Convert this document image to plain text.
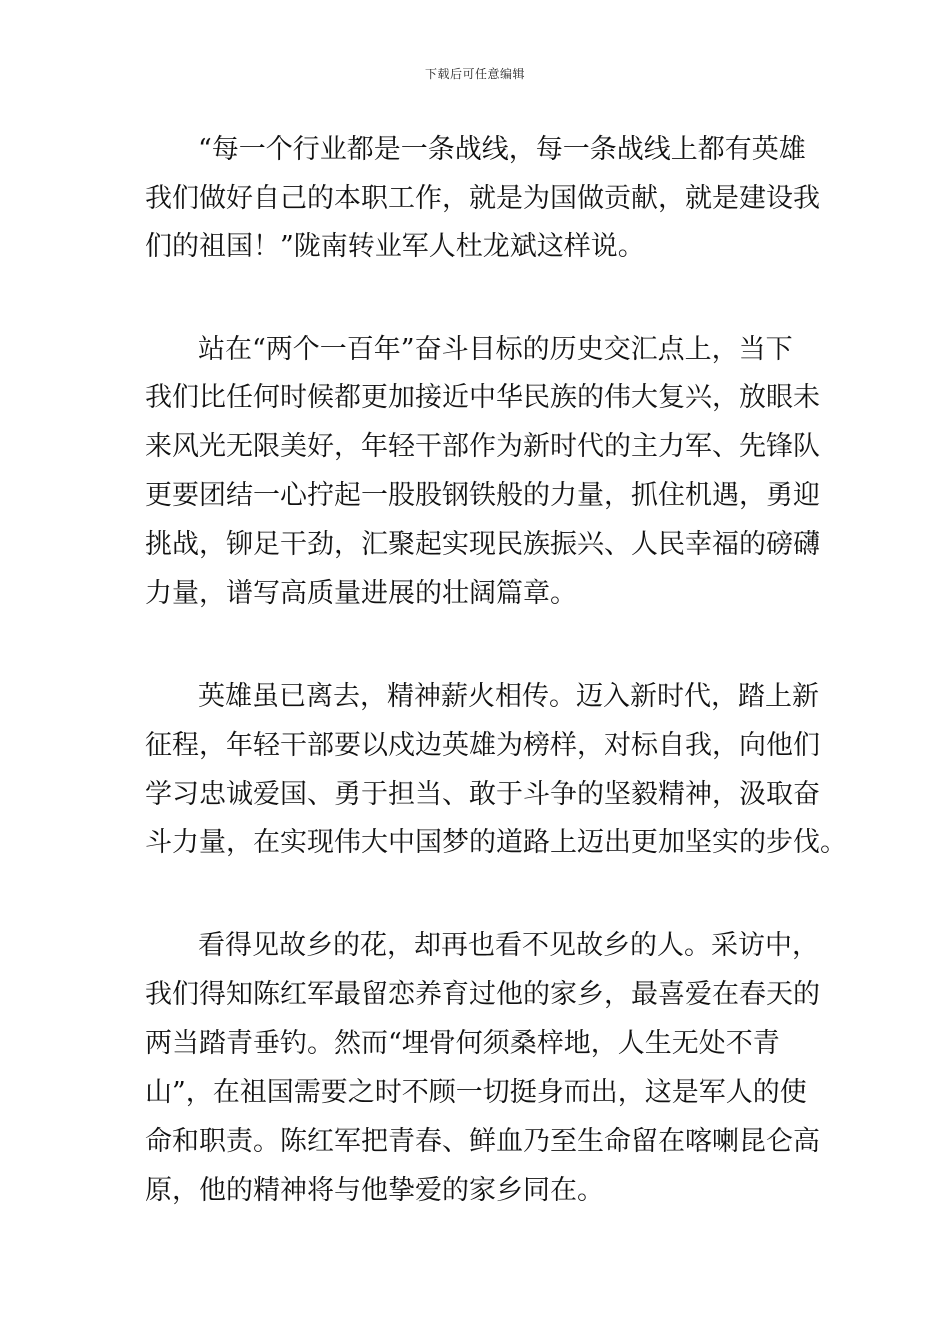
下载后可任意编辑

“每一个行业都是一条战线，每一条战线上都有英雄

我们做好自己的本职工作，就是为国做贡献，就是建设我

们的祖国！”陇南转业军人杜龙斌这样说。

站在“两个一百年”奋斗目标的历史交汇点上，当下

我们比任何时候都更加接近中华民族的伟大复兴，放眼未

来风光无限美好，年轻干部作为新时代的主力军、先锋队

更要团结一心拧起一股股钢铁般的力量，抓住机遇，勇迎

挑战，铆足干劲，汇聚起实现民族振兴、人民幸福的磅礴

力量，谱写高质量进展的壮阔篇章。

英雄虽已离去，精神薪火相传。迈入新时代，踏上新

征程，年轻干部要以戍边英雄为榜样，对标自我，向他们

学习忠诚爱国、勇于担当、敢于斗争的坚毅精神，汲取奋

斗力量，在实现伟大中国梦的道路上迈出更加坚实的步伐。

看得见故乡的花，却再也看不见故乡的人。采访中，

我们得知陈红军最留恋养育过他的家乡，最喜爱在春天的

两当踏青垂钓。然而“埋骨何须桑梓地，人生无处不青

山”，在祖国需要之时不顾一切挺身而出，这是军人的使

命和职责。陈红军把青春、鲜血乃至生命留在喀喇昆仑高

原，他的精神将与他挚爱的家乡同在。
